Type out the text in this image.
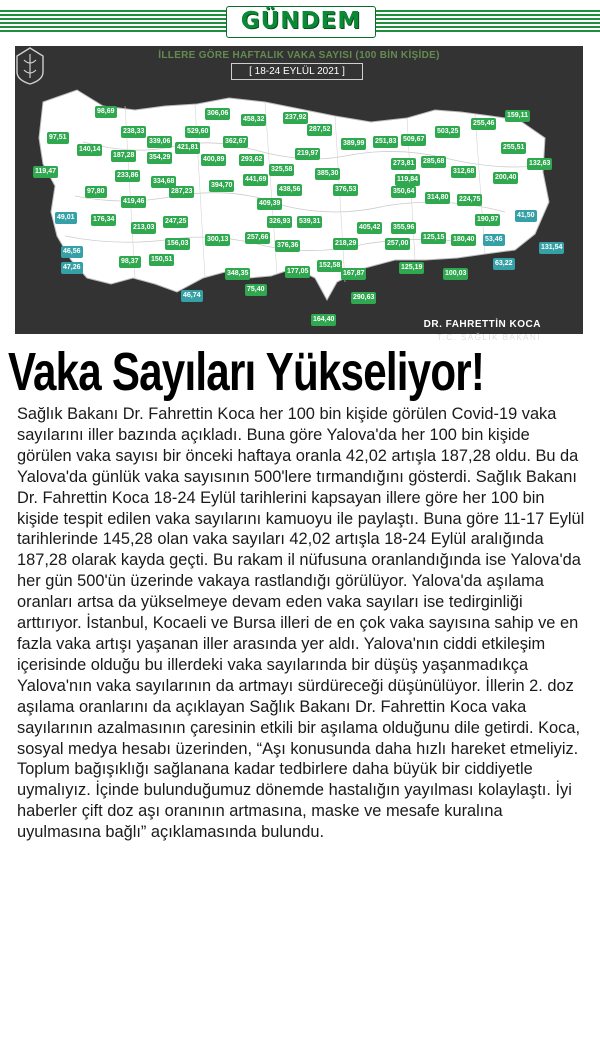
GÜNDEM
İLLERE GÖRE HAFTALIK VAKA SAYISI (100 BİN KİŞİDE)
[ 18-24 EYLÜL 2021 ]
98,69
97,51
140,14
119,47
238,33
187,28
339,06
529,60
306,06
458,32	237,92
287,52
389,99 251,83 509,67
503,25
255,46
159,11
255,51
132,63
421,81
354,29
362,67
293,62
219,97
385,30
273,81 285,68
312,68
200,40
233,86
334,68
400,89
441,69
325,58
350,64
314,80 224,75
97,80
419,46
287,23
394,70
438,56	376,53
119,84
190,97
41,50
49,01	176,34
213,03
247,25
409,39
326,93 539,31
405,42 355,96
257,00
125,15 180,40 53,46
46,56
156,03
300,13	257,66
376,36	218,29
131,54
47,26
98,37 150,51
348,35	177,05
152,58
167,87
125,19
100,03
63,22
46,74
75,40
290,63
164,40	DR. FAHRETTİN KOCA
T.C. SAĞLIK BAKANI
Vaka Sayıları Yükseliyor!

Sağlık Bakanı Dr. Fahrettin Koca her 100 bin kişide görülen Covid-19 vaka sayılarını iller bazında açıkladı. Buna göre Yalova'da her 100 bin kişide görülen vaka sayısı bir önceki haftaya oranla 42,02 artışla 187,28 oldu. Bu da Yalova'da günlük vaka sayısının 500'lere tırmandığını gösterdi. Sağlık Bakanı Dr. Fahrettin Koca 18-24 Eylül tarihlerini kapsayan illere göre her 100 bin kişide tespit edilen vaka sayılarını kamuoyu ile paylaştı. Buna göre 11-17 Eylül tarihlerinde 145,28 olan vaka sayıları 42,02 artışla 18-24 Eylül aralığında 187,28 olarak kayda geçti. Bu rakam il nüfusuna oranlandığında ise Yalova'da her gün 500'ün üzerinde vakaya rastlandığı görülüyor. Yalova'da aşılama oranları artsa da yükselmeye devam eden vaka sayıları ise tedirginliği arttırıyor. İstanbul, Kocaeli ve Bursa illeri de en çok vaka sayısına sahip ve en fazla vaka artışı yaşanan iller arasında yer aldı. Yalova'nın ciddi etkileşim içerisinde olduğu bu illerdeki vaka sayılarında bir düşüş yaşanmadıkça Yalova'nın vaka sayılarının da artmayı sürdüreceği düşünülüyor. İllerin 2. doz aşılama oranlarını da açıklayan Sağlık Bakanı Dr. Fahrettin Koca vaka sayılarının azalmasının çaresinin etkili bir aşılama olduğunu dile getirdi. Koca, sosyal medya hesabı üzerinden, “Aşı konusunda daha hızlı hareket etmeliyiz. Toplum bağışıklığı sağlanana kadar tedbirlere daha büyük bir ciddiyetle uymalıyız. İçinde bulunduğumuz dönemde hastalığın yayılması kolaylaştı. İyi haberler çift doz aşı oranının artmasına, maske ve mesafe kuralına uyulmasına bağlı” açıklamasında bulundu.
